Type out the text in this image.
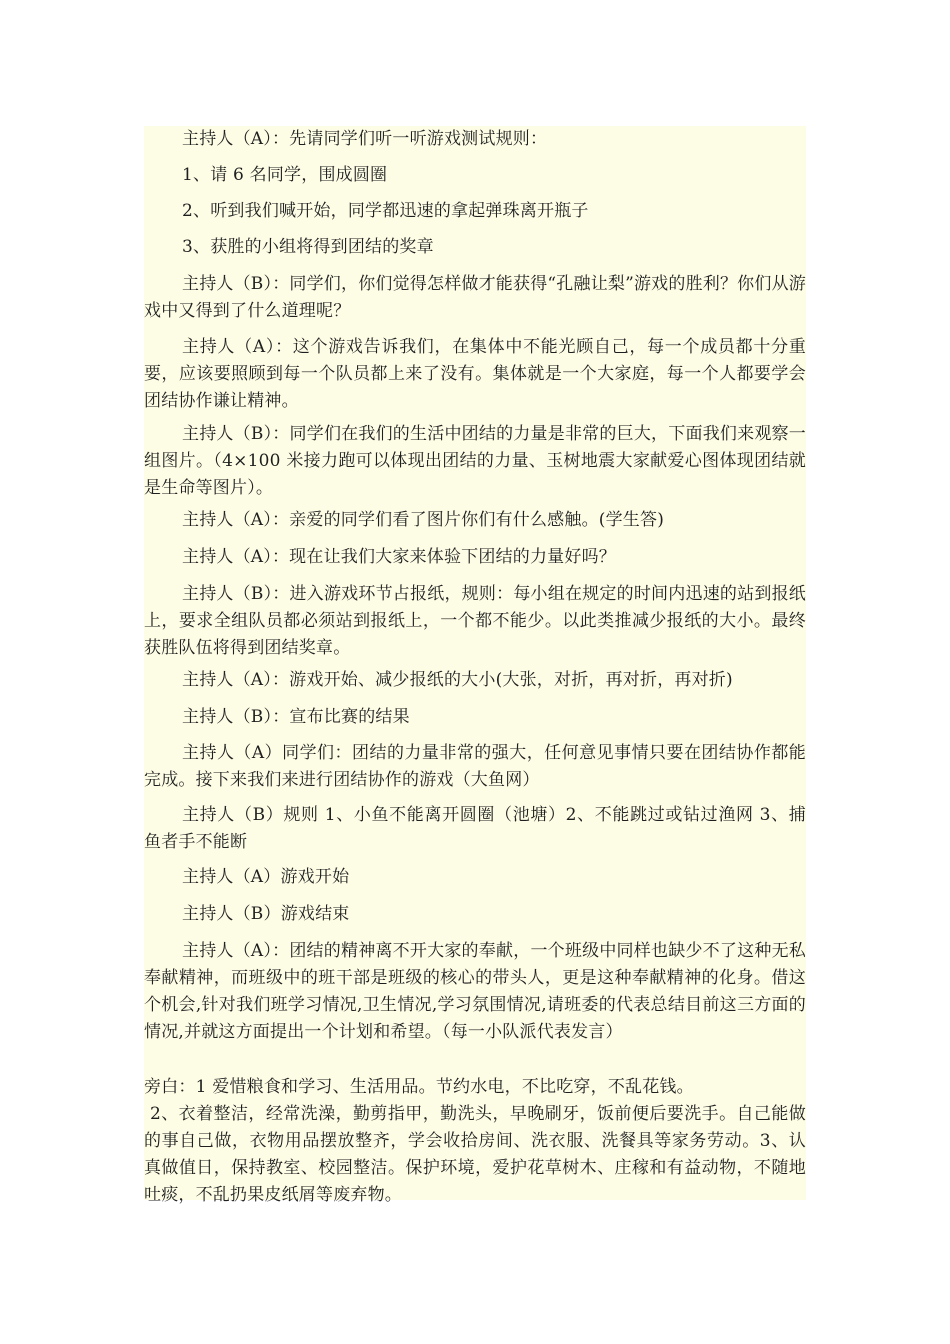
主持人（A）：先请同学们听一听游戏测试规则：

1、请 6 名同学，围成圆圈

2、听到我们喊开始，同学都迅速的拿起弹珠离开瓶子

3、获胜的小组将得到团结的奖章

主持人（B）：同学们，你们觉得怎样做才能获得“孔融让梨”游戏的胜利？你们从游戏中又得到了什么道理呢？

主持人（A）：这个游戏告诉我们，在集体中不能光顾自己，每一个成员都十分重要，应该要照顾到每一个队员都上来了没有。集体就是一个大家庭，每一个人都要学会团结协作谦让精神。

主持人（B）：同学们在我们的生活中团结的力量是非常的巨大，下面我们来观察一组图片。（4×100 米接力跑可以体现出团结的力量、玉树地震大家献爱心图体现团结就是生命等图片）。

主持人（A）：亲爱的同学们看了图片你们有什么感触。(学生答)

主持人（A）：现在让我们大家来体验下团结的力量好吗？

主持人（B）：进入游戏环节占报纸，规则：每小组在规定的时间内迅速的站到报纸上，要求全组队员都必须站到报纸上，一个都不能少。以此类推减少报纸的大小。最终获胜队伍将得到团结奖章。

主持人（A）：游戏开始、减少报纸的大小(大张，对折，再对折，再对折)

主持人（B）：宣布比赛的结果

主持人（A）同学们：团结的力量非常的强大，任何意见事情只要在团结协作都能完成。接下来我们来进行团结协作的游戏（大鱼网）

主持人（B）规则 1、小鱼不能离开圆圈（池塘）2、不能跳过或钻过渔网 3、捕鱼者手不能断

主持人（A）游戏开始

主持人（B）游戏结束

主持人（A）：团结的精神离不开大家的奉献，一个班级中同样也缺少不了这种无私奉献精神，而班级中的班干部是班级的核心的带头人，更是这种奉献精神的化身。借这个机会,针对我们班学习情况,卫生情况,学习氛围情况,请班委的代表总结目前这三方面的情况,并就这方面提出一个计划和希望。（每一小队派代表发言）

旁白：1 爱惜粮食和学习、生活用品。节约水电，不比吃穿，不乱花钱。

2、衣着整洁，经常洗澡，勤剪指甲，勤洗头，早晚刷牙，饭前便后要洗手。自己能做的事自己做，衣物用品摆放整齐，学会收拾房间、洗衣服、洗餐具等家务劳动。3、认真做值日，保持教室、校园整洁。保护环境，爱护花草树木、庄稼和有益动物，不随地吐痰，不乱扔果皮纸屑等废弃物。
